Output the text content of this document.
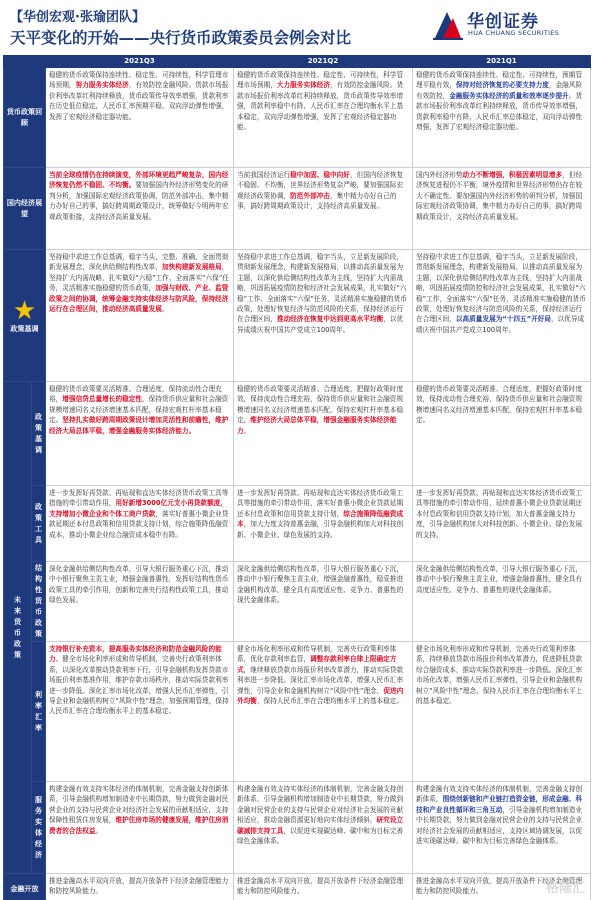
【华创宏观·张瑜团队】
天平变化的开始——央行货币政策委员会例会对比
华创证券
HUA CHUANG SECURITIES
		2021Q3	2021Q2	2021Q1
货币政策回顾		稳健的货币政策保持连续性、稳定性、可持续性，科学管理市场预期，努力服务实体经济，有效防控金融风险。货款市场报价利率改革红利持续释放，货币政策传导效率增强，货款利率在历史低位稳定，人民币汇率预期平稳，双向浮动弹性增强，发挥了宏观经济稳定器功能。	稳健的货币政策保持连续性、稳定性、可持续性，科学管理市场预期，大力服务实体经济，有效防控金融风险。货款市场报价利率改革红利持续释放，货币政策传导效率增强，货款利率稳中有降，人民币汇率在合理均衡水平上基本稳定，双向浮动弹性增强，发挥了宏观经济稳定器功能。	稳健的货币政策保持连续性、稳定性、可持续性，预期管理平稳有效，保持对经济恢复的必要支持力度，金融风险有效防控，金融服务实体经济的质量和效率逐步提升。货款市场报价利率改革红利持续释放，货币传导效率增强，货款利率稳中有降，人民币汇率总体稳定，双向浮动弹性增强，发挥了宏观经济稳定器功能。
国内经济展望		当前全球疫情仍在持续演变，外部环境更趋严峻复杂，国内经济恢复仍然不稳固、不均衡。要加强国内外经济形势变化的研判分析，加强国际宏观经济政策协调，防范外部冲击，集中精力办好自己的事，搞好跨周期政策设计，统筹做好今明两年宏观政策衔接，支持经济高质量发展。	当前我国经济运行稳中加固、稳中向好，但国内经济恢复不稳固、不均衡，世界经济形势复杂严峻，要加强国际宏观经济政策协调，防范外部冲击，集中精力办好自己的事，搞好跨周期政策设计，支持经济高质量发展。	国内外经济形势动力不断增强，积极因素明显增多，但经济恢复进程仍不平衡，境外疫情和世界经济形势仍存在较大不确定性。要加强国内外经济形势的研判分析，加强国际宏观经济政策协调，集中精力办好自己的事，搞好跨周期政策设计，支持经济高质量发展。

★
政策基调		坚持稳中求进工作总基调，稳字当头，完整、准确、全面贯彻新发展理念，深化供给侧结构性改革，加快构建新发展格局，坚持扩大内需战略，扎实做好“六稳”工作、全面落实“六保”任务，灵活精准实施稳健的货币政策，加强与财政、产业、监管政策之间的协调，统筹金融支持实体经济与防风险，保持经济运行在合理区间，推动经济高质量发展。	坚持稳中求进工作总基调，稳字当头，立足新发展阶段，贯彻新发展理念，构建新发展格局，以推动高质量发展为主题，以深化供给侧结构性改革为主线，坚持扩大内需战略，巩固拓展疫情防控和经济社会发展成果，扎实做好“六稳”工作、全面落实“六保”任务，灵活精准实施稳健的货币政策，处理好恢复经济与防范风险的关系，保持经济运行在合理区间，推动经济在恢复中达到更高水平均衡，以优异成绩庆祝中国共产党成立100周年。	坚持稳中求进工作总基调，稳字当头，立足新发展阶段，贯彻新发展理念，构建新发展格局，以推动高质量发展为主题，以深化供给侧结构性改革为主线，坚持扩大内需战略，巩固拓展疫情防控和经济社会发展成果，扎实做好“六稳”工作，全面落实“六保”任务，灵活精准实施稳健的货币政策，处理好恢复经济与防范风险的关系，保持经济运行在合理区间，以高质量发展为“十四五”开好局，以优异成绩庆祝中国共产党成立100周年。
未来货币政策	政策基调	稳健的货币政策要灵活精准、合理适度，保持流动性合理充裕，增强信贷总量增长的稳定性，保持货币供应量和社会融资规模增速同名义经济增速基本匹配，保持宏观杠杆率基本稳定。坚持扎实做好跨周期政策设计增加灵活性和前瞻性，维护经济大局总体平稳，增强金融服务实体经济能力。	稳健的货币政策要灵活精准、合理适度，把握好政策时度效，保持流动性合理充裕，保持货币供应量和社会融资规模增速同名义经济增速基本匹配，保持宏观杠杆率基本稳定，维护经济大局总体平稳，增强金融服务实体经济能力。	稳健的货币政策要灵活精准、合理适度，把握好政策时度效，保持流动性合理充裕，保持货币供应量和社会融资规模增速同名义经济增速基本匹配，保持宏观杠杆率基本稳定。
	政策工具	进一步发挥好再贷款、再贴现和直达实体经济货币政策工具等措施的牵引带动作用，用好新增3000亿元支小再贷款额度，支持增加小微企业和个体工商户贷款，落实好普惠小微企业贷款延期还本付息政策和信用贷款支持计划，综合施策降低融资成本，推动小微企业综合融资成本稳中有降。	进一步发挥好再贷款、再贴现和直达实体经济货币政策工具等措施的牵引带动作用，落实好普惠小微企业贷款延期还本付息政策和信用贷款支持计划，综合施策降低融资成本，加大力度支持普惠金融，引导金融机构加大对科技创新、小微企业、绿色发展的支持。	进一步发挥好再贷款、再贴现和直达实体经济货币政策工具等措施的牵引带动作用，延续普惠小微企业贷款延期还本付息政策和信用贷款支持计划，加大普惠金融支持力度，引导金融机构加大对科技创新、小微企业、绿色发展的支持。
	结构性货币政策	深化金融供给侧结构性改革，引导大银行服务重心下沉，推动中小银行聚焦主责主业，增强金融普惠性，发挥好结构性货币政策工具的牵引作用，创新和完善央行结构性政策工具，推动绿色发展。	深化金融供给侧结构性改革，引导大银行服务重心下沉，推动中小银行聚焦主责主业，增强金融普惠性，稳妥推进金融机构改革，健全具有高度适应性、竞争力、普惠性的现代金融体系。	深化金融供给侧结构性改革，引导大银行服务重心下沉，推动中小银行聚焦主责主业，增强金融普惠性，健全具有高度适应性、竞争力、普惠性的现代金融体系。
	利率汇率	支持银行补充资本，提高服务实体经济和防范金融风险的能力。健全市场化利率形成和传导机制，完善央行政策利率体系，以深化改革推动贷款利率下行，引导金融机构发挥贷款市场报价利率基准作用，维护存款市场秩序，推动实际贷款利率进一步降低。深化汇率市场化改革，增强人民币汇率弹性，引导企业和金融机构树立“风险中性”理念，加强预期管理，保持人民币汇率在合理均衡水平上的基本稳定。	健全市场化利率形成和传导机制，完善央行政策利率体系，优化存款利率监管，调整存款利率自律上限确定方式，继续释放贷款市场报价利率改革潜力，推动实际贷款利率进一步降低。深化汇率市场化改革，增强人民币汇率弹性，引导企业和金融机构树立“风险中性”理念，促进内外均衡，保持人民币汇率在合理均衡水平上的基本稳定。	健全市场化利率形成和传导机制，完善央行政策利率体系，持续释放贷款市场报价利率改革潜力，促进降低贷款综合融资成本，推动实际贷款利率进一步降低。深化汇率市场化改革，增强人民币汇率弹性，引导企业和金融机构树立“风险中性”理念，保持人民币汇率在合理均衡水平上的基本稳定。
	服务实体经济	构建金融有效支持实体经济的体制机制，完善金融支持创新体系，引导金融机构增加制造业中长期贷款，努力做到金融对民营企业的支持与民营企业对经济社会发展的贡献相适应，支持保障性租赁住房发展，维护住房市场的健康发展，维护住房消费者的合法权益。	构建金融有效支持实体经济的体制机制，完善金融支持创新体系，引导金融机构增加制造业中长期贷款，努力做到金融对民营企业的支持与民营企业对经济社会发展的贡献相适应，推动金融资源更好地向实体经济倾斜，研究设立碳减排支持工具，以促进实现碳达峰、碳中和为目标完善绿色金融体系。	构建金融有效支持实体经济的体制机制，完善金融支持创新体系，围绕创新链和产业链打造资金链，形成金融、科技和产业良性循环和三角互动，引导金融机构增加制造业中长期贷款，努力做到金融对民营企业的支持与民营企业对经济社会发展的贡献相适应，支持区域协调发展，以促进实现碳达峰、碳中和为目标完善绿色金融体系。
金融开放		推进金融高水平双向开放，提高开放条件下经济金融管理能力和防控风险能力。	推进金融高水平双向开放，提高开放条件下经济金融管理能力和防控风险能力。	推进金融高水平双向开放，提高开放条件下经济金融管理能力和防控风险能力。	格隆汇
